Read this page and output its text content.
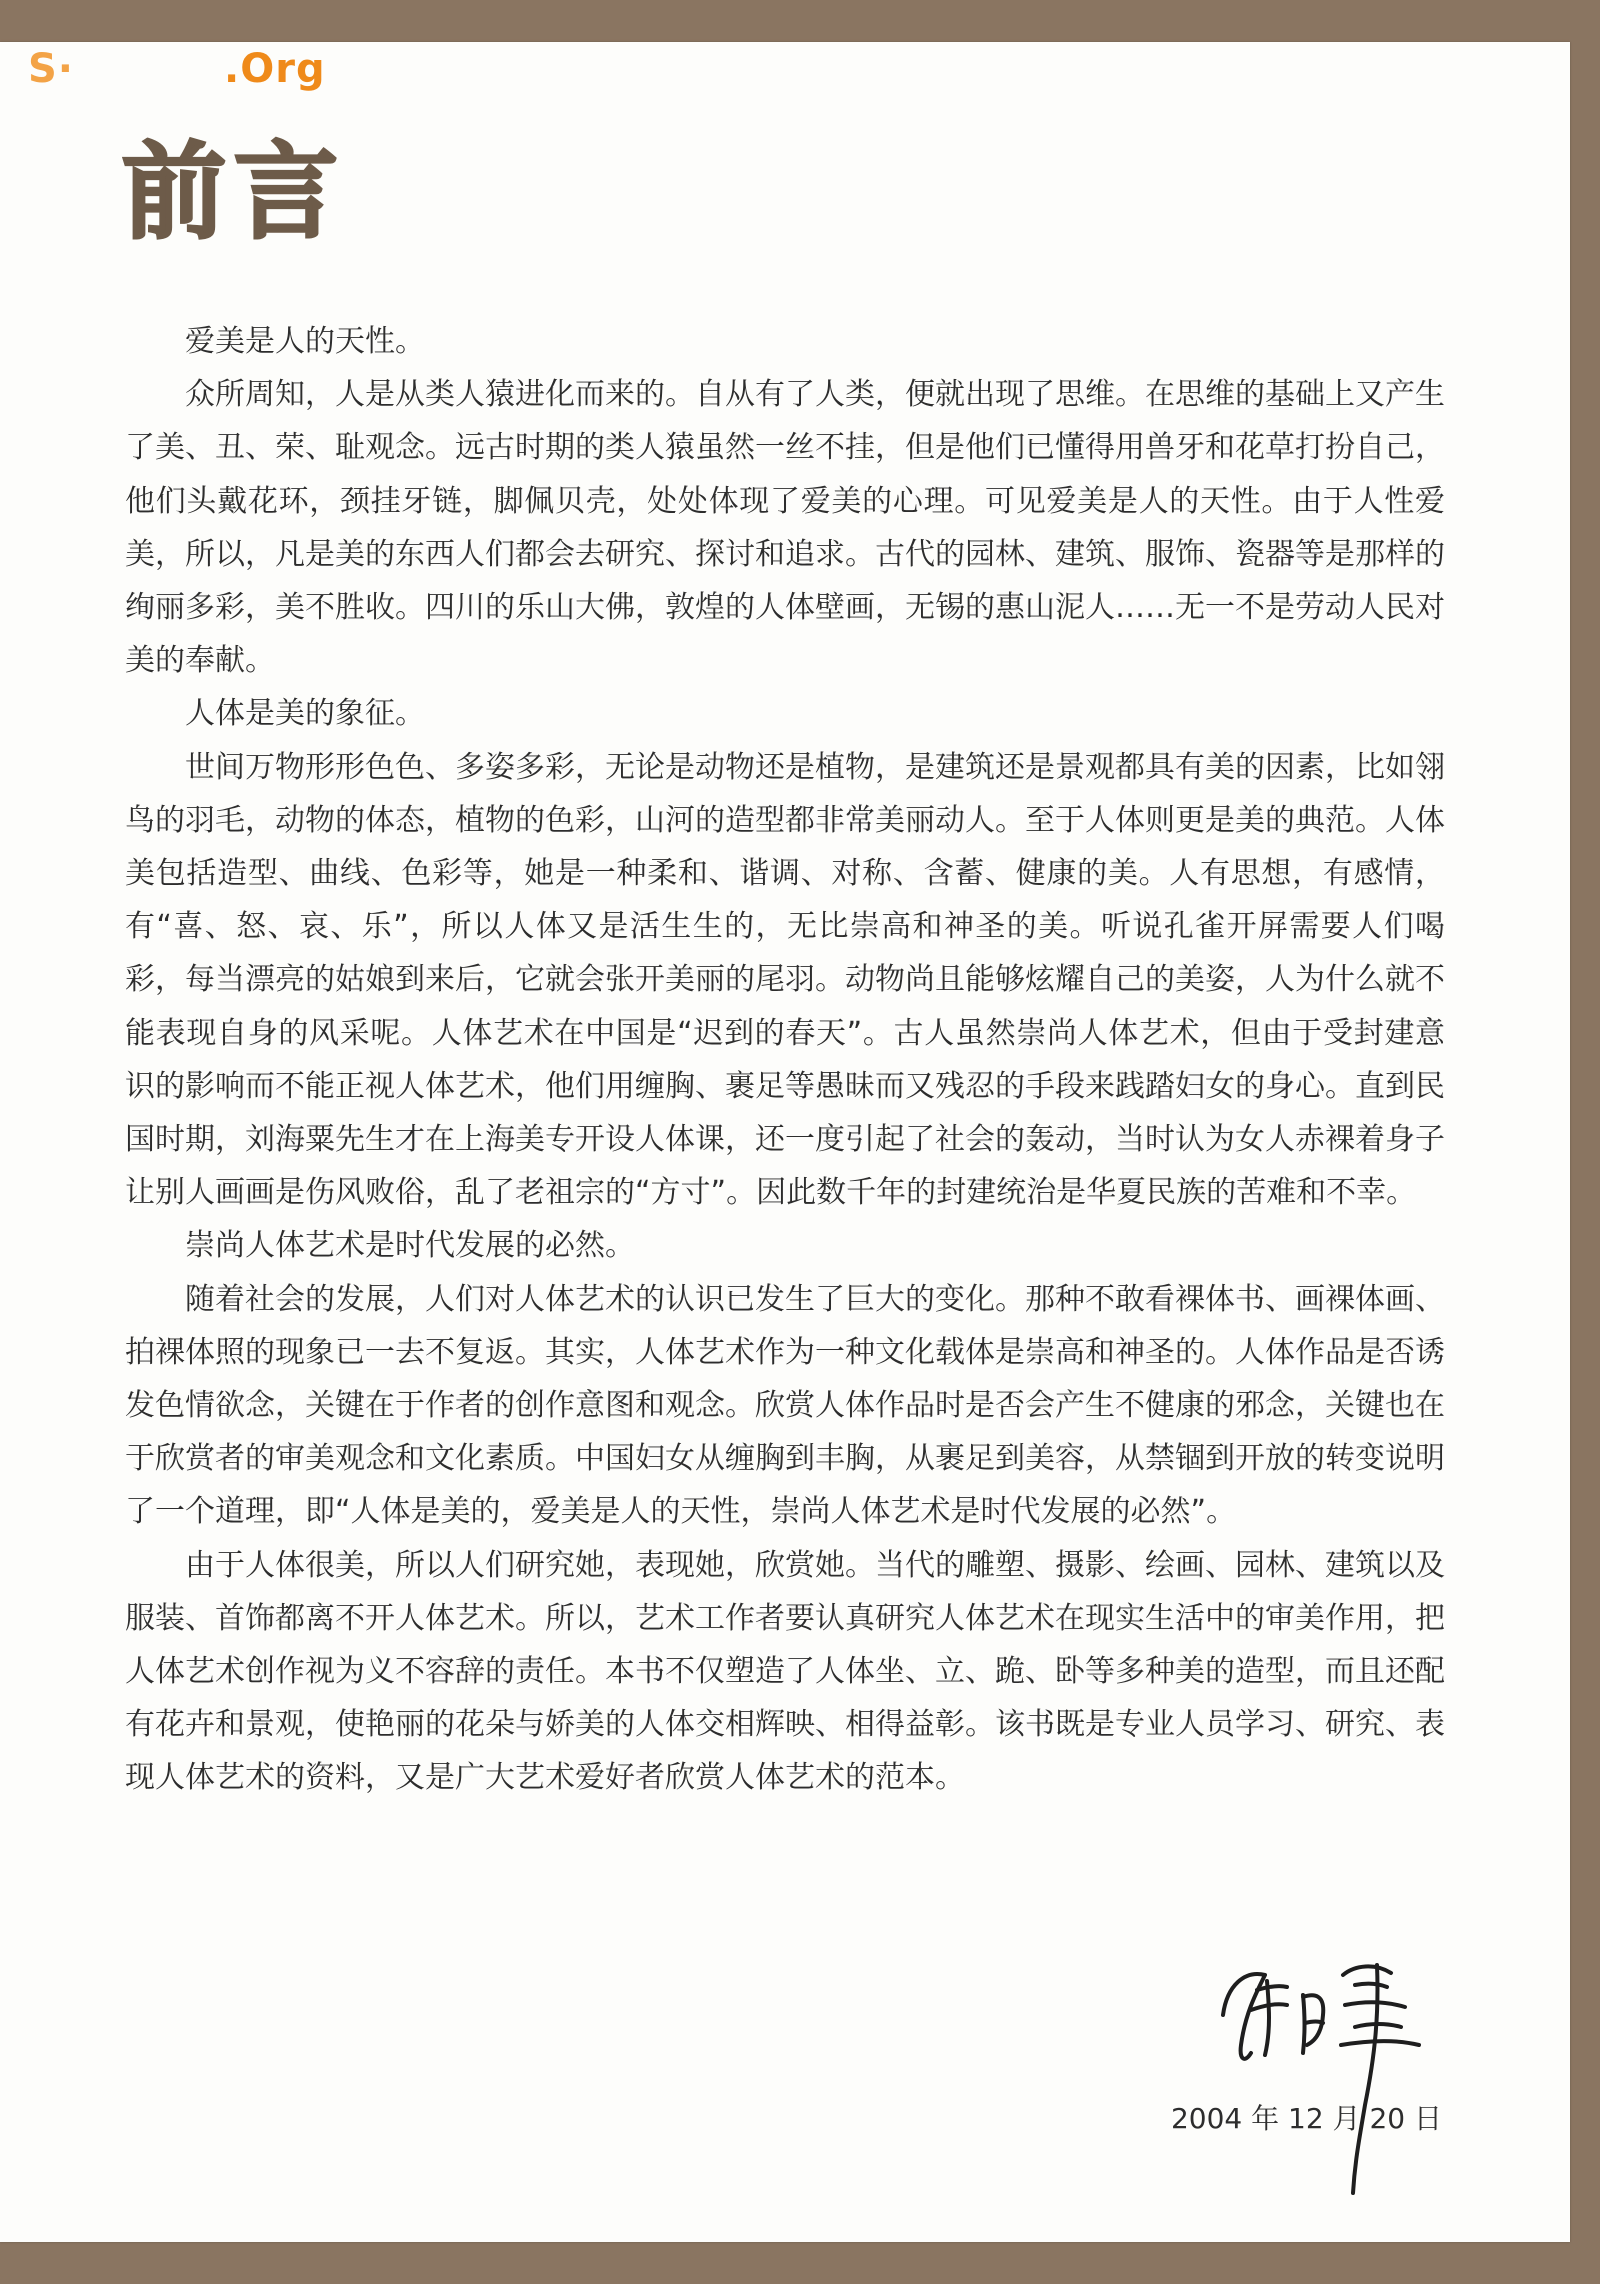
S·	.Org
前言

爱美是人的天性。

众所周知，人是从类人猿进化而来的。自从有了人类，便就出现了思维。在思维的基础上又产生了美、丑、荣、耻观念。远古时期的类人猿虽然一丝不挂，但是他们已懂得用兽牙和花草打扮自己，他们头戴花环，颈挂牙链，脚佩贝壳，处处体现了爱美的心理。可见爱美是人的天性。由于人性爱美，所以，凡是美的东西人们都会去研究、探讨和追求。古代的园林、建筑、服饰、瓷器等是那样的绚丽多彩，美不胜收。四川的乐山大佛，敦煌的人体壁画，无锡的惠山泥人……无一不是劳动人民对美的奉献。

人体是美的象征。

世间万物形形色色、多姿多彩，无论是动物还是植物，是建筑还是景观都具有美的因素，比如翎鸟的羽毛，动物的体态，植物的色彩，山河的造型都非常美丽动人。至于人体则更是美的典范。人体美包括造型、曲线、色彩等，她是一种柔和、谐调、对称、含蓄、健康的美。人有思想，有感情，有“喜、怒、哀、乐”，所以人体又是活生生的，无比崇高和神圣的美。听说孔雀开屏需要人们喝彩，每当漂亮的姑娘到来后，它就会张开美丽的尾羽。动物尚且能够炫耀自己的美姿，人为什么就不能表现自身的风采呢。人体艺术在中国是“迟到的春天”。古人虽然崇尚人体艺术，但由于受封建意识的影响而不能正视人体艺术，他们用缠胸、裹足等愚昧而又残忍的手段来践踏妇女的身心。直到民国时期，刘海粟先生才在上海美专开设人体课，还一度引起了社会的轰动，当时认为女人赤裸着身子让别人画画是伤风败俗，乱了老祖宗的“方寸”。因此数千年的封建统治是华夏民族的苦难和不幸。

崇尚人体艺术是时代发展的必然。

随着社会的发展，人们对人体艺术的认识已发生了巨大的变化。那种不敢看裸体书、画裸体画、拍裸体照的现象已一去不复返。其实，人体艺术作为一种文化载体是崇高和神圣的。人体作品是否诱发色情欲念，关键在于作者的创作意图和观念。欣赏人体作品时是否会产生不健康的邪念，关键也在于欣赏者的审美观念和文化素质。中国妇女从缠胸到丰胸，从裹足到美容，从禁锢到开放的转变说明了一个道理，即“人体是美的，爱美是人的天性，崇尚人体艺术是时代发展的必然”。

由于人体很美，所以人们研究她，表现她，欣赏她。当代的雕塑、摄影、绘画、园林、建筑以及服装、首饰都离不开人体艺术。所以，艺术工作者要认真研究人体艺术在现实生活中的审美作用，把人体艺术创作视为义不容辞的责任。本书不仅塑造了人体坐、立、跪、卧等多种美的造型，而且还配有花卉和景观，使艳丽的花朵与娇美的人体交相辉映、相得益彰。该书既是专业人员学习、研究、表现人体艺术的资料，又是广大艺术爱好者欣赏人体艺术的范本。

2004 年 12 月 20 日
